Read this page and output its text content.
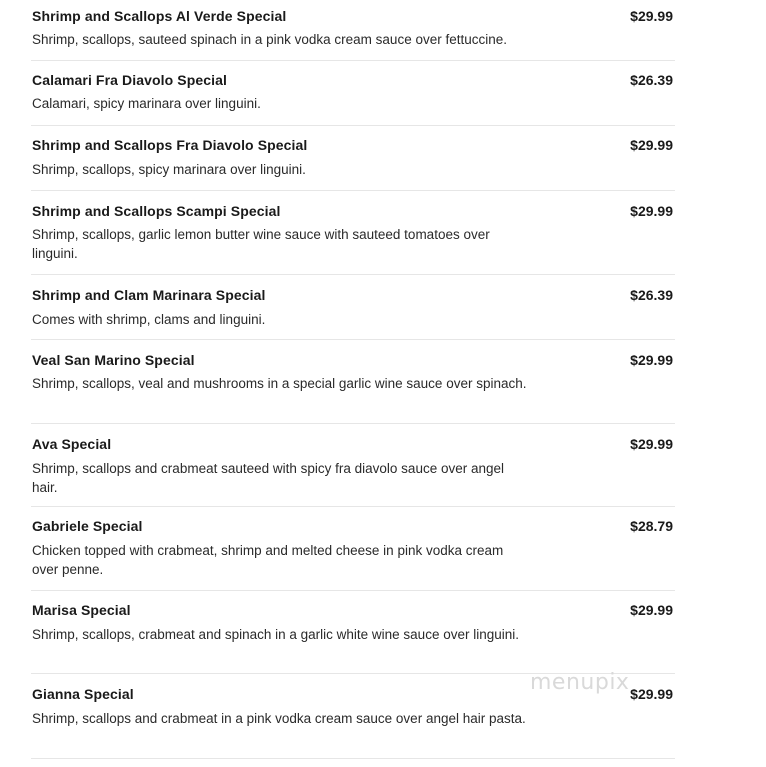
Shrimp and Scallops Al Verde Special	$29.99
Shrimp, scallops, sauteed spinach in a pink vodka cream sauce over fettuccine.
Calamari Fra Diavolo Special	$26.39
Calamari, spicy marinara over linguini.
Shrimp and Scallops Fra Diavolo Special	$29.99
Shrimp, scallops, spicy marinara over linguini.
Shrimp and Scallops Scampi Special	$29.99
Shrimp, scallops, garlic lemon butter wine sauce with sauteed tomatoes over linguini.
Shrimp and Clam Marinara Special	$26.39
Comes with shrimp, clams and linguini.
Veal San Marino Special	$29.99
Shrimp, scallops, veal and mushrooms in a special garlic wine sauce over spinach.
Ava Special	$29.99
Shrimp, scallops and crabmeat sauteed with spicy fra diavolo sauce over angel hair.
Gabriele Special	$28.79
Chicken topped with crabmeat, shrimp and melted cheese in pink vodka cream over penne.
Marisa Special	$29.99
Shrimp, scallops, crabmeat and spinach in a garlic white wine sauce over linguini.
Gianna Special	$29.99
Shrimp, scallops and crabmeat in a pink vodka cream sauce over angel hair pasta.
menupix
